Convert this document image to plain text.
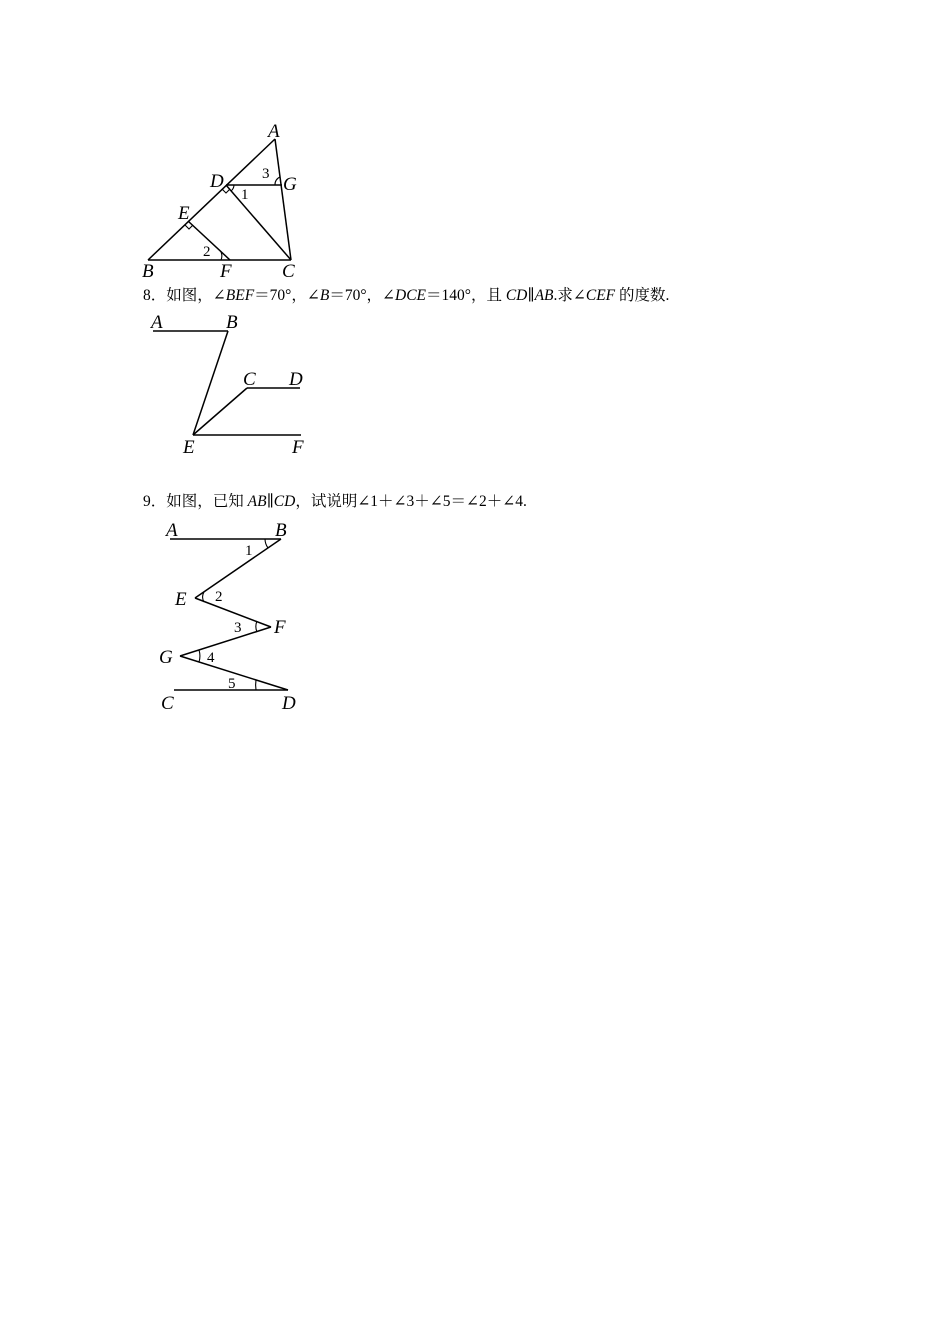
A
D	G
E
B	F	C
1
2
3
8．如图，∠BEF＝70°，∠B＝70°，∠DCE＝140°，且 CD∥AB.求∠CEF 的度数.
A	B
C D
E	F
9．如图，已知 AB∥CD，试说明∠1＋∠3＋∠5＝∠2＋∠4.
A	B
E
F
G
C	D
1
2
3
4
5
